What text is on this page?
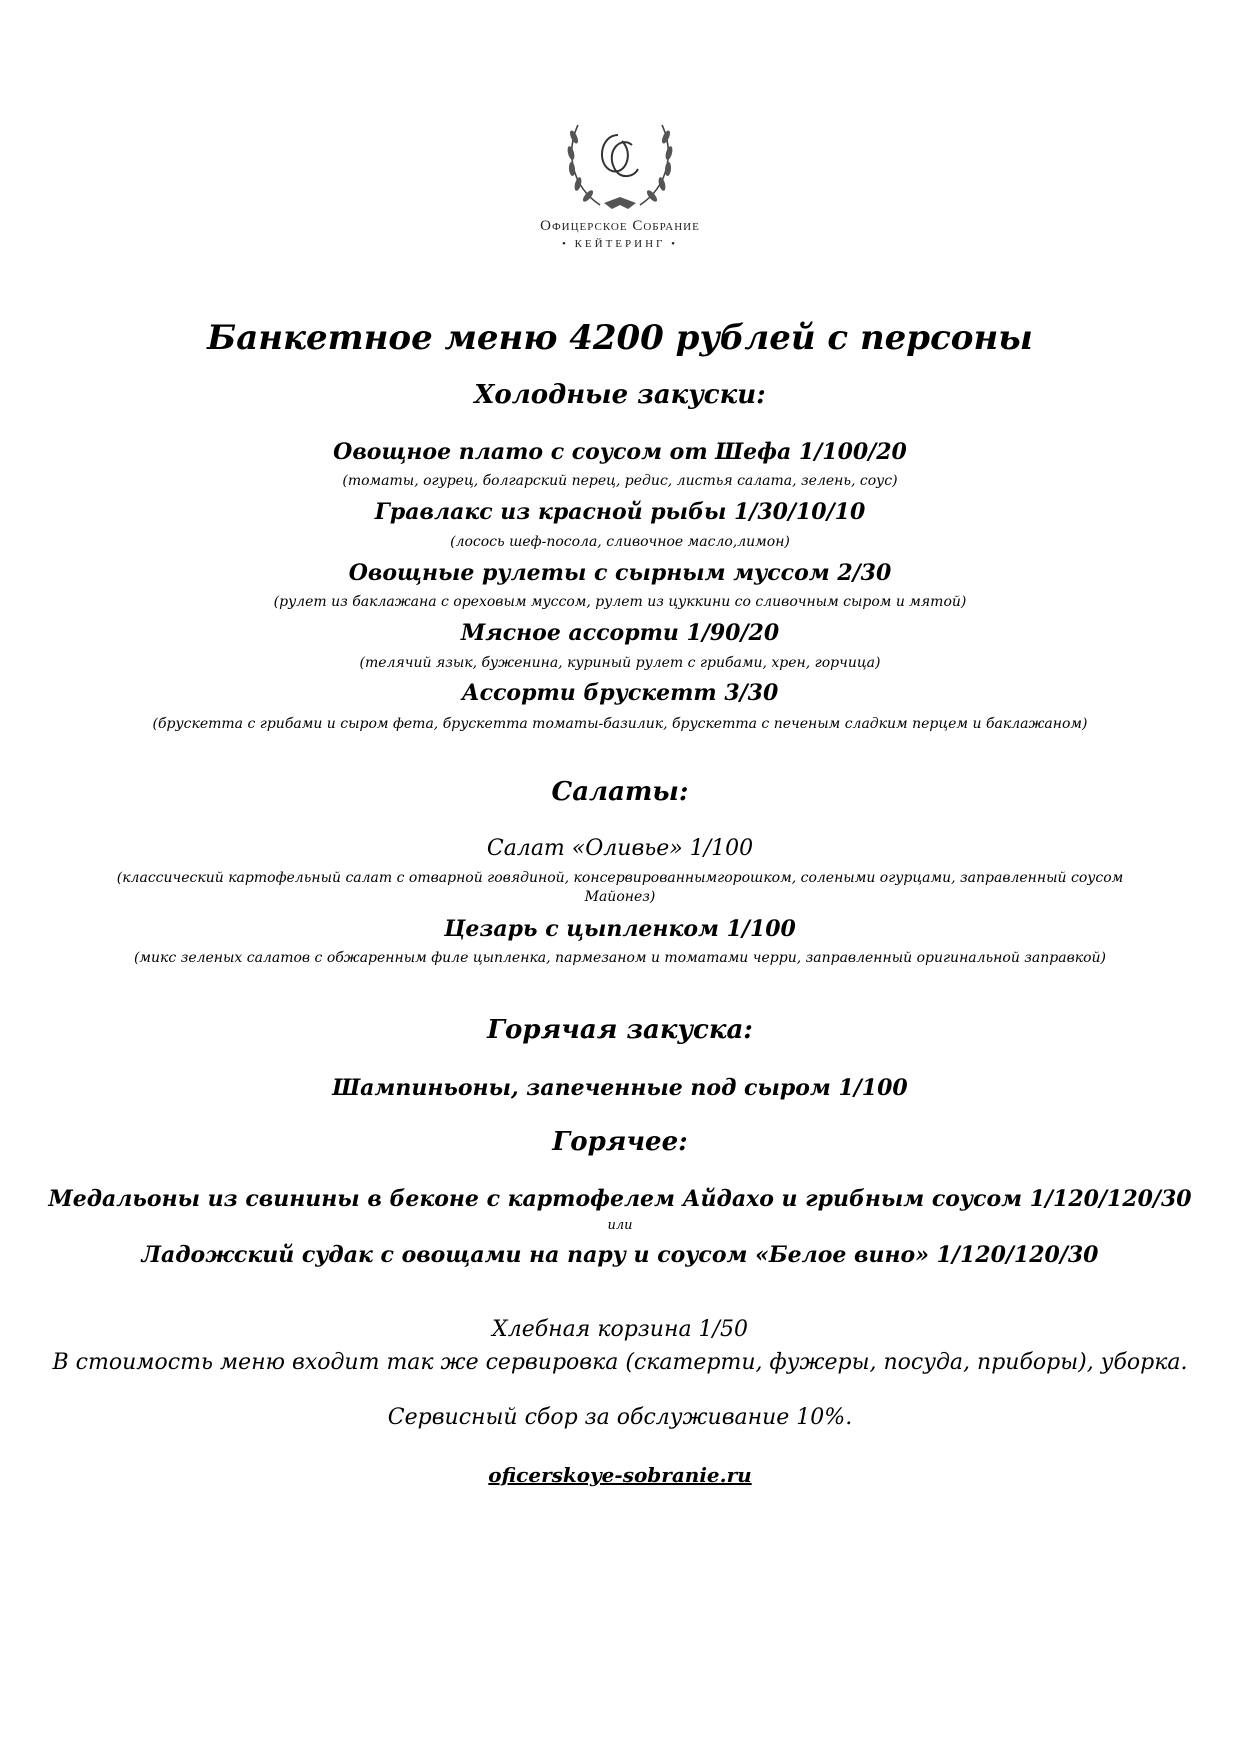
Офицерское Собрание
• КЕЙТЕРИНГ •
Банкетное меню 4200 рублей с персоны
Холодные закуски:
Овощное плато с соусом от Шефа 1/100/20
(томаты, огурец, болгарский перец, редис, листья салата, зелень, соус)
Гравлакс из красной рыбы 1/30/10/10
(лосось шеф-посола, сливочное масло,лимон)
Овощные рулеты с сырным муссом 2/30
(рулет из баклажана с ореховым муссом, рулет из цуккини со сливочным сыром и мятой)
Мясное ассорти 1/90/20
(телячий язык, буженина, куриный рулет с грибами, хрен, горчица)
Ассорти брускетт 3/30
(брускетта с грибами и сыром фета, брускетта томаты-базилик, брускетта с печеным сладким перцем и баклажаном)
Салаты:
Салат «Оливье» 1/100
(классический картофельный салат с отварной говядиной, консервированнымгорошком, солеными огурцами, заправленный соусом
Майонез)
Цезарь с цыпленком 1/100
(микс зеленых салатов с обжаренным филе цыпленка, пармезаном и томатами черри, заправленный оригинальной заправкой)
Горячая закуска:
Шампиньоны, запеченные под сыром 1/100
Горячее:
Медальоны из свинины в беконе с картофелем Айдахо и грибным соусом 1/120/120/30
или
Ладожский судак с овощами на пару и соусом «Белое вино» 1/120/120/30
Хлебная корзина 1/50
В стоимость меню входит так же сервировка (скатерти, фужеры, посуда, приборы), уборка.
Сервисный сбор за обслуживание 10%.
oficerskoye-sobranie.ru
